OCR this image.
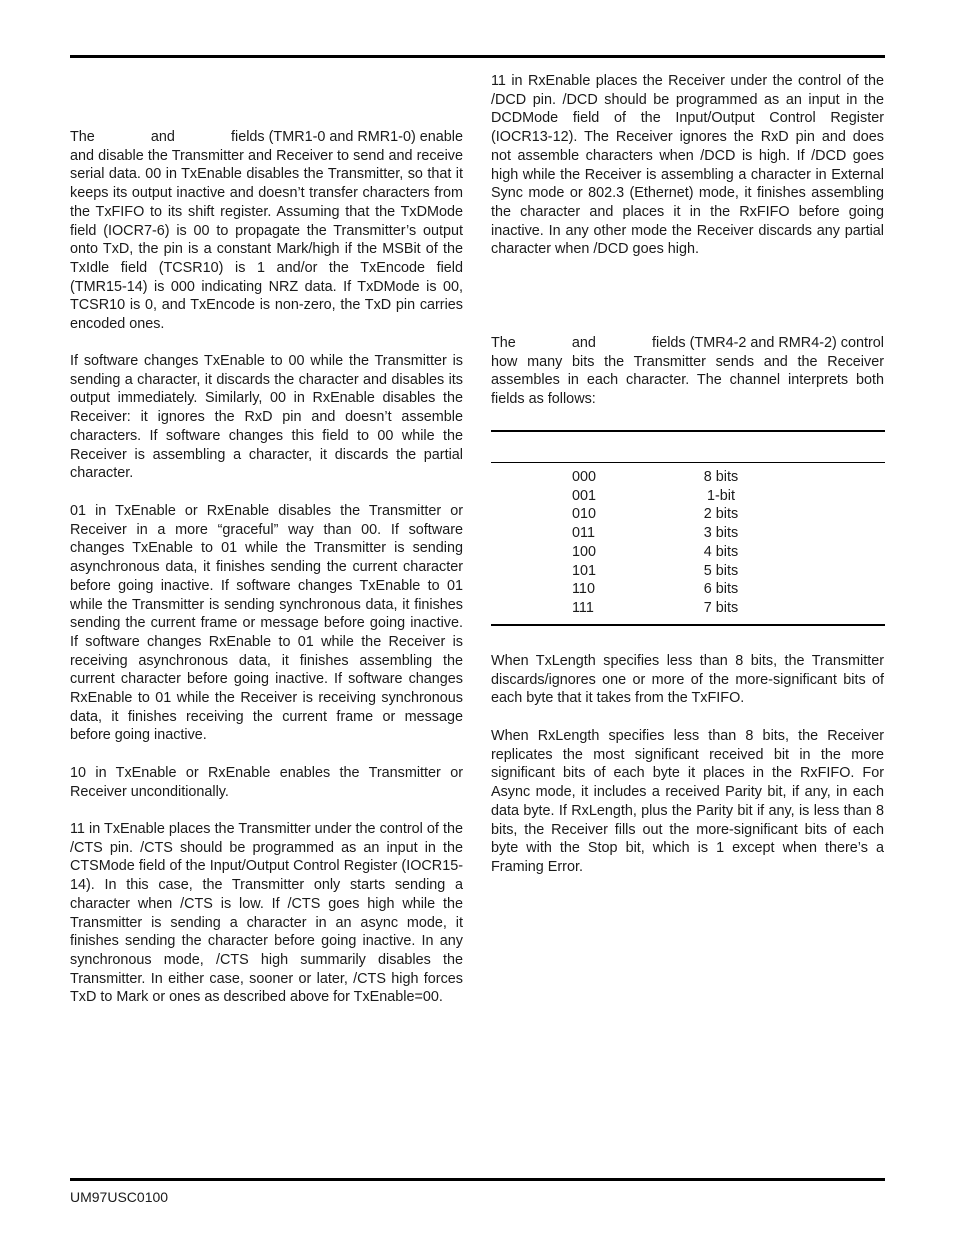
The              and              fields (TMR1-0 and RMR1-0) enable and disable the Transmitter and Receiver to send and receive serial data. 00 in TxEnable disables the Transmitter, so that it keeps its output inactive and doesn’t transfer characters from the TxFIFO to its shift register. Assuming that the TxDMode field (IOCR7-6) is 00 to propagate the Transmitter’s output onto TxD, the pin is a constant Mark/high if the MSBit of the TxIdle field (TCSR10) is 1 and/or the TxEncode field (TMR15-14) is 000 indicating NRZ data. If TxDMode is 00, TCSR10 is 0, and TxEncode is non-zero, the TxD pin carries encoded ones.

If software changes TxEnable to 00 while the Transmitter is sending a character, it discards the character and disables its output immediately. Similarly, 00 in RxEnable disables the Receiver: it ignores the RxD pin and doesn’t assemble characters. If software changes this field to 00 while the Receiver is assembling a character, it discards the partial character.

01 in TxEnable or RxEnable disables the Transmitter or Receiver in a more “graceful” way than 00. If software changes TxEnable to 01 while the Transmitter is sending asynchronous data, it finishes sending the current character before going inactive. If software changes TxEnable to 01 while the Transmitter is sending synchronous data, it finishes sending the current frame or message before going inactive. If software changes RxEnable to 01 while the Receiver is receiving asynchronous data, it finishes assembling the current character before going inactive. If software changes RxEnable to 01 while the Receiver is receiving synchronous data, it finishes receiving the current frame or message before going inactive.

10 in TxEnable or RxEnable enables the Transmitter or Receiver unconditionally.

11 in TxEnable places the Transmitter under the control of the /CTS pin. /CTS should be programmed as an input in the CTSMode field of the Input/Output Control Register (IOCR15-14). In this case, the Transmitter only starts sending a character when /CTS is low. If /CTS goes high while the Transmitter is sending a character in an async mode, it finishes sending the character before going inactive. In any synchronous mode, /CTS high summarily disables the Transmitter. In either case, sooner or later, /CTS high forces TxD to Mark or ones as described above for TxEnable=00.

11 in RxEnable places the Receiver under the control of the /DCD pin. /DCD should be programmed as an input in the DCDMode field of the Input/Output Control Register (IOCR13-12). The Receiver ignores the RxD pin and does not assemble characters when /DCD is high. If /DCD goes high while the Receiver is assembling a character in External Sync mode or 802.3 (Ethernet) mode, it finishes assembling the character and places it in the RxFIFO before going inactive. In any other mode the Receiver discards any partial character when /DCD goes high.

The              and              fields (TMR4-2 and RMR4-2) control how many bits the Transmitter sends and the Receiver assembles in each character. The channel interprets both fields as follows:

When TxLength specifies less than 8 bits, the Transmitter discards/ignores one or more of the more-significant bits of each byte that it takes from the TxFIFO.

When RxLength specifies less than 8 bits, the Receiver replicates the most significant received bit in the more significant bits of each byte it places in the RxFIFO. For Async mode, it includes a received Parity bit, if any, in each data byte. If RxLength, plus the Parity bit if any, is less than 8 bits, the Receiver fills out the more-significant bits of each byte with the Stop bit, which is 1 except when there’s a Framing Error.

000	8 bits
001	1-bit
010	2 bits
011	3 bits
100	4 bits
101	5 bits
110	6 bits
111	7 bits
UM97USC0100
